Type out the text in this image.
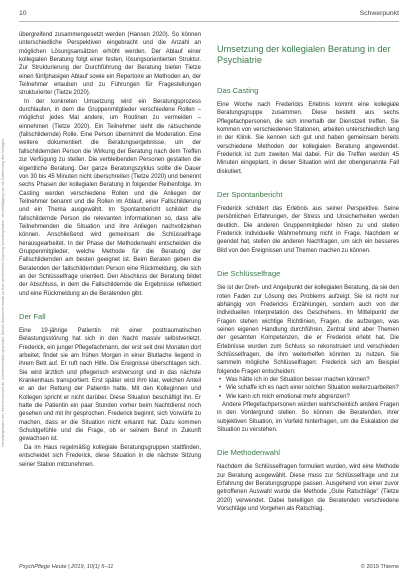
Heruntergeladen von: thieme-connect.de. Urheberrechtlich geschützt. Dieses Dokument wurde zu Ihrer persönlichen Nutzung heruntergeladen. Vervielfältigung nur mit Zustimmung des Verlages.
10	Schwerpunkt

übergreifend zusammengesetzt werden (Hansen 2020). So können unterschiedliche Perspektiven eingebracht und die Anzahl an möglichen Lösungsansätzen erhöht werden. Der Ablauf einer kollegialen Beratung folgt einer festen, lösungsorientierten Struktur. Zur Strukturierung der Durchführung der Beratung bieten Tietze einen fünfphasigen Ablauf sowie ein Repertoire an Methoden an, der Teilnehmer erlauben und zu Führungen für Fragestellungen strukturierter (Tietze 2020).

In der konkreten Umsetzung wird ein Beratungsprozess durchlaufen, in dem die Gruppenmitglieder verschiedene Rollen – möglichst jedes Mal andere, um Routinen zu vermeiden – einnehmen (Tietze 2020). Ein Teilnehmer sieht die ratsuchende (fallschildernde) Rolle. Eine Person übernimmt die Moderation. Eine weitere dokumentiert die Beratungsergebnisse, um der fallschildernden Person die Wirkung der Beratung nach dem Treffen zur Verfügung zu stellen. Die verbleibenden Personen gestalten die eigentliche Beratung. Der ganze Beratungszyklus sollte die Dauer von 30 bis 45 Minuten nicht überschreiten (Tietze 2020) und benennt sechs Phasen der kollegialen Beratung in folgender Reihenfolge. Im Casting werden verschiedene Rollen und die Anliegen der Teilnehmer benannt und die Rollen im Ablauf, einer Fallschilderung und ein Thema ausgewählt. Im Spontanbericht schildert die fallschildernde Person die relevanten Informationen so, dass alle Teilnehmenden die Situation und ihre Anliegen nachvollziehen können. Anschließend wird gemeinsam die Schlüsselfrage herausgearbeitet. In der Phase der Methodenwahl entscheiden die Gruppenmitglieder, welche Methode für die Beratung der Fallschildernden am besten geeignet ist. Beim Beraten geben die Beratenden der fallschildernden Person eine Rückmeldung, die sich an der Schlüsselfrage orientiert. Den Abschluss der Beratung bildet der Abschluss, in dem die Fallschildernde die Ergebnisse reflektiert und eine Rückmeldung an die Beratenden gibt.

Der Fall

Eine 19-jährige Patientin mit einer posttraumatischen Belastungsstörung hat sich in den Nacht massiv selbstverletzt. Frederick, ein junger Pflegefachmann, der erst seit drei Monaten dort arbeitet, findet sie am frühen Morgen in einer Blutlache liegend in ihrem Bett auf. Er ruft nach Hilfe. Die Ereignisse überschlagen sich. Sie wird ärztlich und pflegerisch erstversorgt und in das nächste Krankenhaus transportiert. Erst später wird ihm klar, welchen Anteil er an der Rettung der Patientin hatte. Mit den Kolleginnen und Kollegen spricht er nicht darüber. Diese Situation beschäftigt ihn. Er hatte die Patientin ein paar Stunden vorher beim Nachtdienst noch gesehen und mit ihr gesprochen. Frederick beginnt, sich Vorwürfe zu machen, dass er die Situation nicht erkannt hat. Dazu kommen Schuldgefühle und die Frage, ob er seinem Beruf in Zukunft gewachsen ist.

Da im Haus regelmäßig kollegiale Beratungsgruppen stattfinden, entscheidet sich Frederick, diese Situation in die nächste Sitzung seiner Station mitzunehmen.

Umsetzung der kollegialen Beratung in der Psychiatrie
Das Casting

Eine Woche nach Fredericks Erlebnis kommt eine kollegiale Beratungsgruppe zusammen. Diese besteht aus sechs Pflegefachpersonen, die sich innerhalb der Dienstzeit treffen. Sie kommen von verschiedenen Stationen, arbeiten unterschiedlich lang in der Klinik. Sie kennen sich gut und haben gemeinsam bereits verschiedene Methoden der kollegialen Beratung angewendet. Frederick ist zum zweiten Mal dabei. Für die Treffen werden 45 Minuten eingeplant, in dieser Situation wird der obengenannte Fall diskutiert.

Der Spontanbericht

Frederick schildert das Erlebnis aus seiner Perspektive. Seine persönlichen Erfahrungen, der Stress und Unsicherheiten werden deutlich. Die anderen Gruppenmitglieder hören zu und stellen Frederick individuelle Wahrnehmung nicht in Frage. Nachdem er geendet hat, stellen die anderen Nachfragen, um sich ein besseres Bild von den Ereignissen und Themen machen zu können.

Die Schlüsselfrage

Sie ist der Dreh- und Angelpunkt der kollegialen Beratung, da sie den roten Faden zur Lösung des Problems aufzeigt. Sie ist nicht nur abhängig von Fredericks Erzählungen, sondern auch von der individuellen Interpretation des Geschehens. Im Mittelpunkt der Fragen stehen wichtige Richtlinien, Fragen, die aufzeigen, was seinen eigenen Handlung durchführen. Zentral sind aber Themen der gesamten Kompetenzen, die er Frederick erlebt hat. Die Erlebnisse wurden zum Schluss so rekonstruiert und verschieden Schlüsselfragen, die ihm weiterhelfen könnten zu nutzen. Sie sammeln mögliche Schlüsselfragen: Frederick sich am Beispiel folgende Fragen entscheiden:

• Was hätte ich in der Situation besser machen können?
• Wie schaffe ich es nach einer solchen Situation weiterzuarbeiten?
• Wie kann ich mich emotional mehr abgrenzen?

Andere Pflegefachpersonen würden wahrscheinlich andere Fragen in den Vordergrund stellen. So können die Beratenden, ihrer subjektiven Situation, im Vorfeld hinterfragen, um die Eskalation der Situation zu verstehen.

Die Methodenwahl

Nachdem die Schlüsselfragen formuliert wurden, wird eine Methode zur Beratung ausgewählt. Diese muss zur Schlüsselfrage und zur Erfahrung der Beratungsgruppe passen. Ausgehend von einer zuvor getroffenen Auswahl wurde die Methode „Gute Ratschläge“ (Tietze 2020) verwendet. Dabei beteiligen die Beratenden verschiedene Vorschläge und Vorgehen als Ratschlag.

PsychPflege Heute | 2019, 10(1) 5–11	© 2019 Thieme
